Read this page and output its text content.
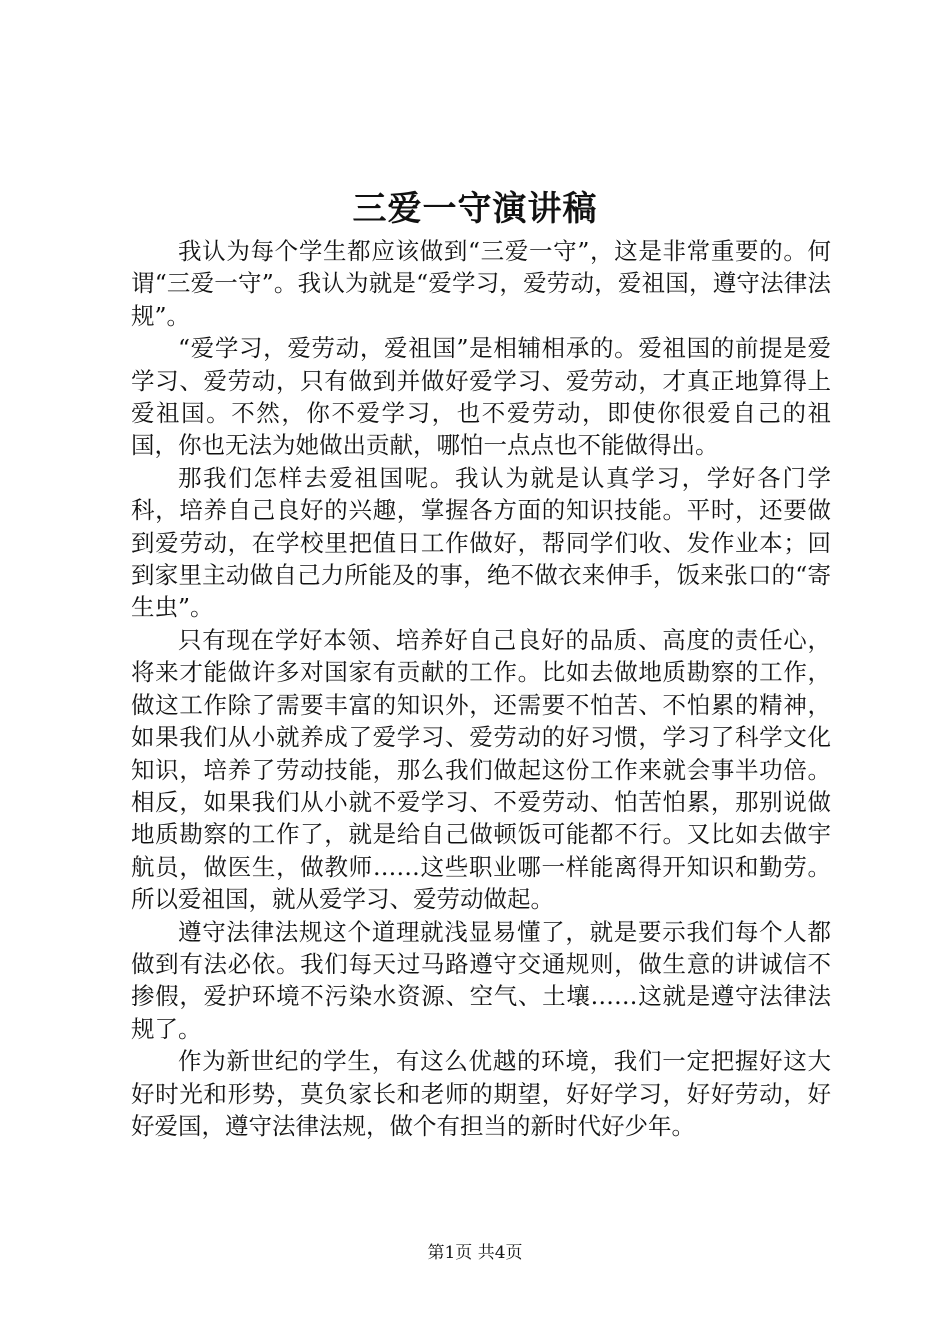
三爱一守演讲稿

我认为每个学生都应该做到“三爱一守”，这是非常重要的。何谓“三爱一守”。我认为就是“爱学习，爱劳动，爱祖国，遵守法律法规”。

“爱学习，爱劳动，爱祖国”是相辅相承的。爱祖国的前提是爱学习、爱劳动，只有做到并做好爱学习、爱劳动，才真正地算得上爱祖国。不然，你不爱学习，也不爱劳动，即使你很爱自己的祖国，你也无法为她做出贡献，哪怕一点点也不能做得出。

那我们怎样去爱祖国呢。我认为就是认真学习，学好各门学科，培养自己良好的兴趣，掌握各方面的知识技能。平时，还要做到爱劳动，在学校里把值日工作做好，帮同学们收、发作业本；回到家里主动做自己力所能及的事，绝不做衣来伸手，饭来张口的“寄生虫”。

只有现在学好本领、培养好自己良好的品质、高度的责任心，将来才能做许多对国家有贡献的工作。比如去做地质勘察的工作，做这工作除了需要丰富的知识外，还需要不怕苦、不怕累的精神，如果我们从小就养成了爱学习、爱劳动的好习惯，学习了科学文化知识，培养了劳动技能，那么我们做起这份工作来就会事半功倍。相反，如果我们从小就不爱学习、不爱劳动、怕苦怕累，那别说做地质勘察的工作了，就是给自己做顿饭可能都不行。又比如去做宇航员，做医生，做教师……这些职业哪一样能离得开知识和勤劳。所以爱祖国，就从爱学习、爱劳动做起。

遵守法律法规这个道理就浅显易懂了，就是要示我们每个人都做到有法必依。我们每天过马路遵守交通规则，做生意的讲诚信不掺假，爱护环境不污染水资源、空气、土壤……这就是遵守法律法规了。

作为新世纪的学生，有这么优越的环境，我们一定把握好这大好时光和形势，莫负家长和老师的期望，好好学习，好好劳动，好好爱国，遵守法律法规，做个有担当的新时代好少年。

第1页 共4页
